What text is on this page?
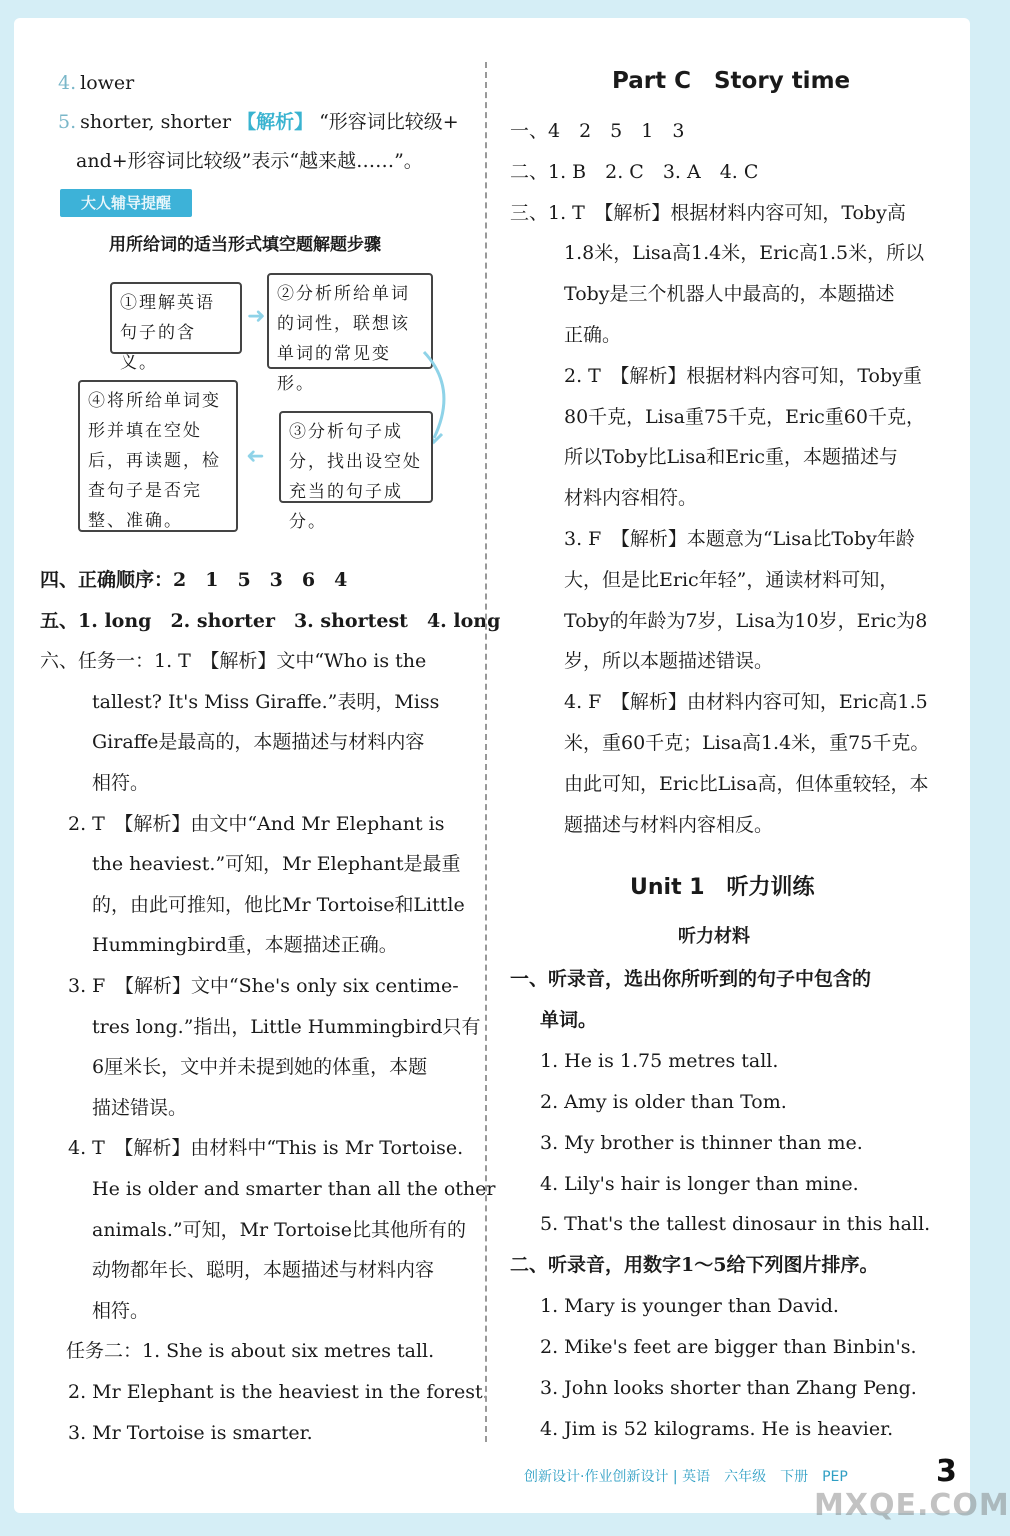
4. lower
5. shorter, shorter 【解析】 “形容词比较级+
and+形容词比较级”表示“越来越……”。
大人辅导提醒
用所给词的适当形式填空题解题步骤
①理解英语句子的含义。
➜
②分析所给单词的词性，联想该单词的常见变形。
③分析句子成分，找出设空处充当的句子成分。
➜
④将所给单词变形并填在空处后，再读题，检查句子是否完整、准确。
四、正确顺序：2　1　5　3　6　4
五、1. long　2. shorter　3. shortest　4. long
六、任务一：1. T　【解析】文中“Who is the
tallest? It's Miss Giraffe.”表明，Miss
Giraffe是最高的，本题描述与材料内容
相符。
2. T　【解析】由文中“And Mr Elephant is
the heaviest.”可知，Mr Elephant是最重
的，由此可推知，他比Mr Tortoise和Little
Hummingbird重，本题描述正确。
3. F　【解析】文中“She's only six centime-
tres long.”指出，Little Hummingbird只有
6厘米长，文中并未提到她的体重，本题
描述错误。
4. T　【解析】由材料中“This is Mr Tortoise.
He is older and smarter than all the other
animals.”可知，Mr Tortoise比其他所有的
动物都年长、聪明，本题描述与材料内容
相符。
任务二：1. She is about six metres tall.
2. Mr Elephant is the heaviest in the forest.
3. Mr Tortoise is smarter.
Part C　Story time
一、4　2　5　1　3
二、1. B　2. C　3. A　4. C
三、1. T　【解析】根据材料内容可知，Toby高
1.8米，Lisa高1.4米，Eric高1.5米，所以
Toby是三个机器人中最高的，本题描述
正确。
2. T　【解析】根据材料内容可知，Toby重
80千克，Lisa重75千克，Eric重60千克，
所以Toby比Lisa和Eric重，本题描述与
材料内容相符。
3. F　【解析】本题意为“Lisa比Toby年龄
大，但是比Eric年轻”，通读材料可知，
Toby的年龄为7岁，Lisa为10岁，Eric为8
岁，所以本题描述错误。
4. F　【解析】由材料内容可知，Eric高1.5
米，重60千克；Lisa高1.4米，重75千克。
由此可知，Eric比Lisa高，但体重较轻，本
题描述与材料内容相反。
Unit 1　听力训练
听力材料
一、听录音，选出你所听到的句子中包含的
单词。
1. He is 1.75 metres tall.
2. Amy is older than Tom.
3. My brother is thinner than me.
4. Lily's hair is longer than mine.
5. That's the tallest dinosaur in this hall.
二、听录音，用数字1～5给下列图片排序。
1. Mary is younger than David.
2. Mike's feet are bigger than Binbin's.
3. John looks shorter than Zhang Peng.
4. Jim is 52 kilograms. He is heavier.
创新设计·作业创新设计 | 英语　六年级　下册　PEP	3
MXQE.COM
